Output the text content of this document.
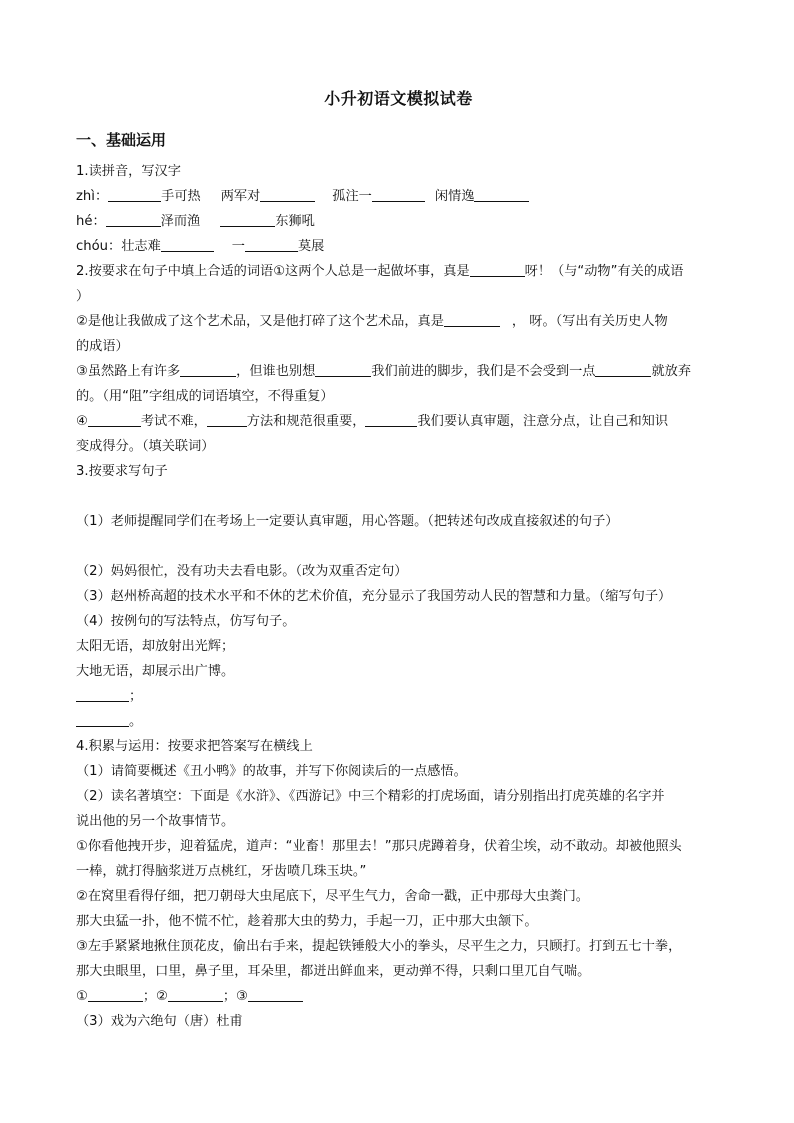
小升初语文模拟试卷
一、基础运用
1.读拼音，写汉字
zhì：	手可热 两军对	孤注一	闲情逸
hé：	泽而渔	东狮吼
chóu：壮志难	一	莫展
2.按要求在句子中填上合适的词语①这两个人总是一起做坏事，真是	呀！（与“动物”有关的成语
）
②是他让我做成了这个艺术品，又是他打碎了这个艺术品，真是	， 呀。（写出有关历史人物
的成语）
③虽然路上有许多	，但谁也别想	我们前进的脚步，我们是不会受到一点	就放弃
的。（用“阻”字组成的词语填空，不得重复）
④	考试不难，	方法和规范很重要，	我们要认真审题，注意分点，让自己和知识
变成得分。（填关联词）
3.按要求写句子
（1）老师提醒同学们在考场上一定要认真审题，用心答题。（把转述句改成直接叙述的句子）
（2）妈妈很忙，没有功夫去看电影。（改为双重否定句）
（3）赵州桥高超的技术水平和不休的艺术价值，充分显示了我国劳动人民的智慧和力量。（缩写句子）
（4）按例句的写法特点，仿写句子。
太阳无语，却放射出光辉；
大地无语，却展示出广博。
；
。
4.积累与运用：按要求把答案写在横线上
（1）请简要概述《丑小鸭》的故事，并写下你阅读后的一点感悟。
（2）读名著填空：下面是《水浒》、《西游记》中三个精彩的打虎场面，请分别指出打虎英雄的名字并
说出他的另一个故事情节。
①你看他拽开步，迎着猛虎，道声：“业畜！那里去！”那只虎蹲着身，伏着尘埃，动不敢动。却被他照头
一棒，就打得脑浆迸万点桃红，牙齿喷几珠玉块。”
②在窝里看得仔细，把刀朝母大虫尾底下，尽平生气力，舍命一戳，正中那母大虫粪门。
那大虫猛一扑，他不慌不忙，趁着那大虫的势力，手起一刀，正中那大虫颔下。
③左手紧紧地揪住顶花皮，偷出右手来，提起铁锤般大小的拳头，尽平生之力，只顾打。打到五七十拳，
那大虫眼里，口里，鼻子里，耳朵里，都迸出鲜血来，更动弹不得，只剩口里兀自气喘。
①	；②	；③
（3）戏为六绝句（唐）杜甫
